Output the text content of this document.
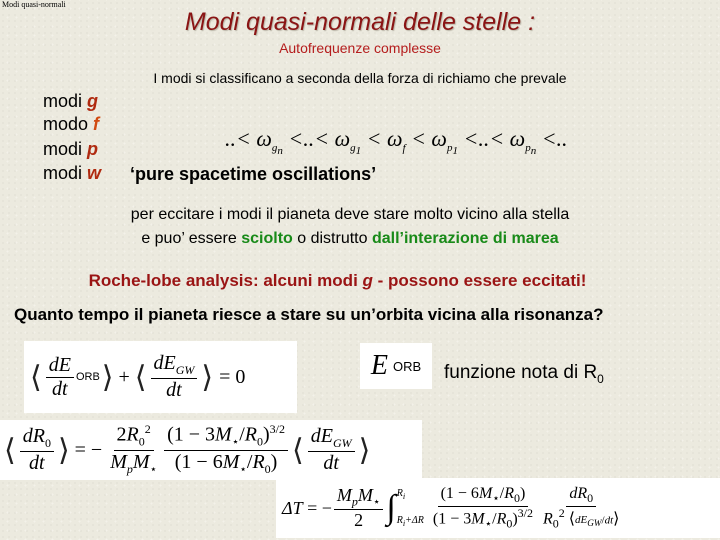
Modi quasi-normali
Modi quasi-normali delle stelle :
Autofrequenze complesse
I modi si classificano a seconda della forza di richiamo che prevale
modi g
modo f
modi p
modi w
..< $\omega_{g_n}$ <..< $\omega_{g_1} < \omega_f < \omega_{p_1}$ <..< $\omega_{p_n}$ <..
‘pure spacetime oscillations’
per eccitare i modi il pianeta deve stare molto vicino alla stella
e puo’ essere sciolto o distrutto dall’interazione di marea
Roche-lobe analysis: alcuni modi g - possono essere eccitati!
Quanto tempo il pianeta riesce a stare su un’orbita vicina alla risonanza?
⟨ $\frac{dE}{dt}$ ORB ⟩ + ⟨ $\frac{dE_{GW}}{dt}$ ⟩ = 0	E
ORB funzione nota di $R_0$
⟨ $\frac{dR_0}{dt}$ ⟩ = − $\frac{2R_0^2}{M_pM_⋆} \frac{(1 - 3M_⋆/R_0)^{3/2}}{(1 - 6M_⋆/R_0)}$ ⟨ $\frac{dE_{GW}}{dt}$ ⟩
ΔT = − $\frac{M_pM_⋆}{2}$ ∫ $R_i$
$R_i+\Delta R \frac{(1 - 6M_⋆/R_0)}{(1 - 3M_⋆/R_0)^{3/2}} \frac{dR_0}{R_0^2 ⟨dE_{GW}/dt⟩}$
